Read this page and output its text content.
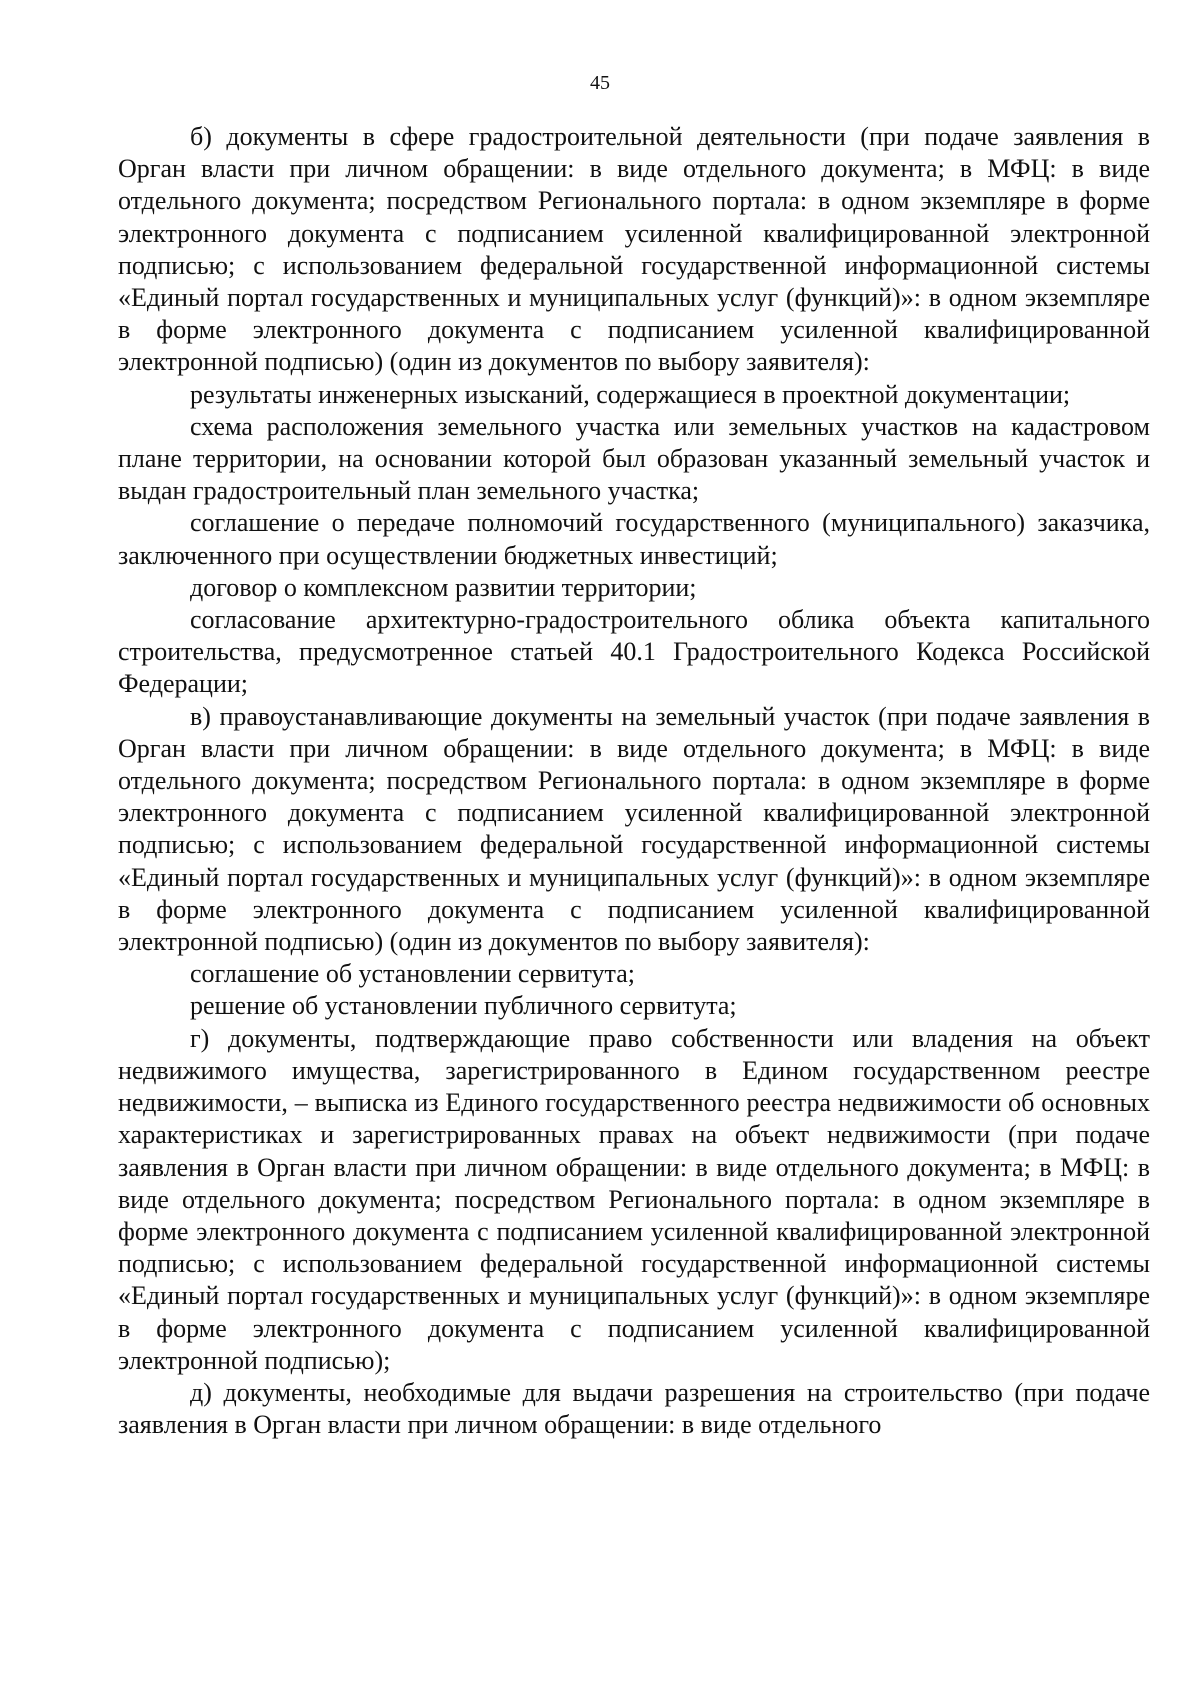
45

б) документы в сфере градостроительной деятельности (при подаче заявления в Орган власти при личном обращении: в виде отдельного документа; в МФЦ: в виде отдельного документа; посредством Регионального портала: в одном экземпляре в форме электронного документа с подписанием усиленной квалифицированной электронной подписью; с использованием федеральной государственной информационной системы «Единый портал государственных и муниципальных услуг (функций)»: в одном экземпляре в форме электронного документа с подписанием усиленной квалифицированной электронной подписью) (один из документов по выбору заявителя):

результаты инженерных изысканий, содержащиеся в проектной документации;

схема расположения земельного участка или земельных участков на кадастровом плане территории, на основании которой был образован указанный земельный участок и выдан градостроительный план земельного участка;

соглашение о передаче полномочий государственного (муниципального) заказчика, заключенного при осуществлении бюджетных инвестиций;

договор о комплексном развитии территории;

согласование архитектурно-градостроительного облика объекта капитального строительства, предусмотренное статьей 40.1 Градостроительного Кодекса Российской Федерации;

в) правоустанавливающие документы на земельный участок (при подаче заявления в Орган власти при личном обращении: в виде отдельного документа; в МФЦ: в виде отдельного документа; посредством Регионального портала: в одном экземпляре в форме электронного документа с подписанием усиленной квалифицированной электронной подписью; с использованием федеральной государственной информационной системы «Единый портал государственных и муниципальных услуг (функций)»: в одном экземпляре в форме электронного документа с подписанием усиленной квалифицированной электронной подписью) (один из документов по выбору заявителя):

соглашение об установлении сервитута;

решение об установлении публичного сервитута;

г) документы, подтверждающие право собственности или владения на объект недвижимого имущества, зарегистрированного в Едином государственном реестре недвижимости, – выписка из Единого государственного реестра недвижимости об основных характеристиках и зарегистрированных правах на объект недвижимости (при подаче заявления в Орган власти при личном обращении: в виде отдельного документа; в МФЦ: в виде отдельного документа; посредством Регионального портала: в одном экземпляре в форме электронного документа с подписанием усиленной квалифицированной электронной подписью; с использованием федеральной государственной информационной системы «Единый портал государственных и муниципальных услуг (функций)»: в одном экземпляре в форме электронного документа с подписанием усиленной квалифицированной электронной подписью);

д) документы, необходимые для выдачи разрешения на строительство (при подаче заявления в Орган власти при личном обращении: в виде отдельного
